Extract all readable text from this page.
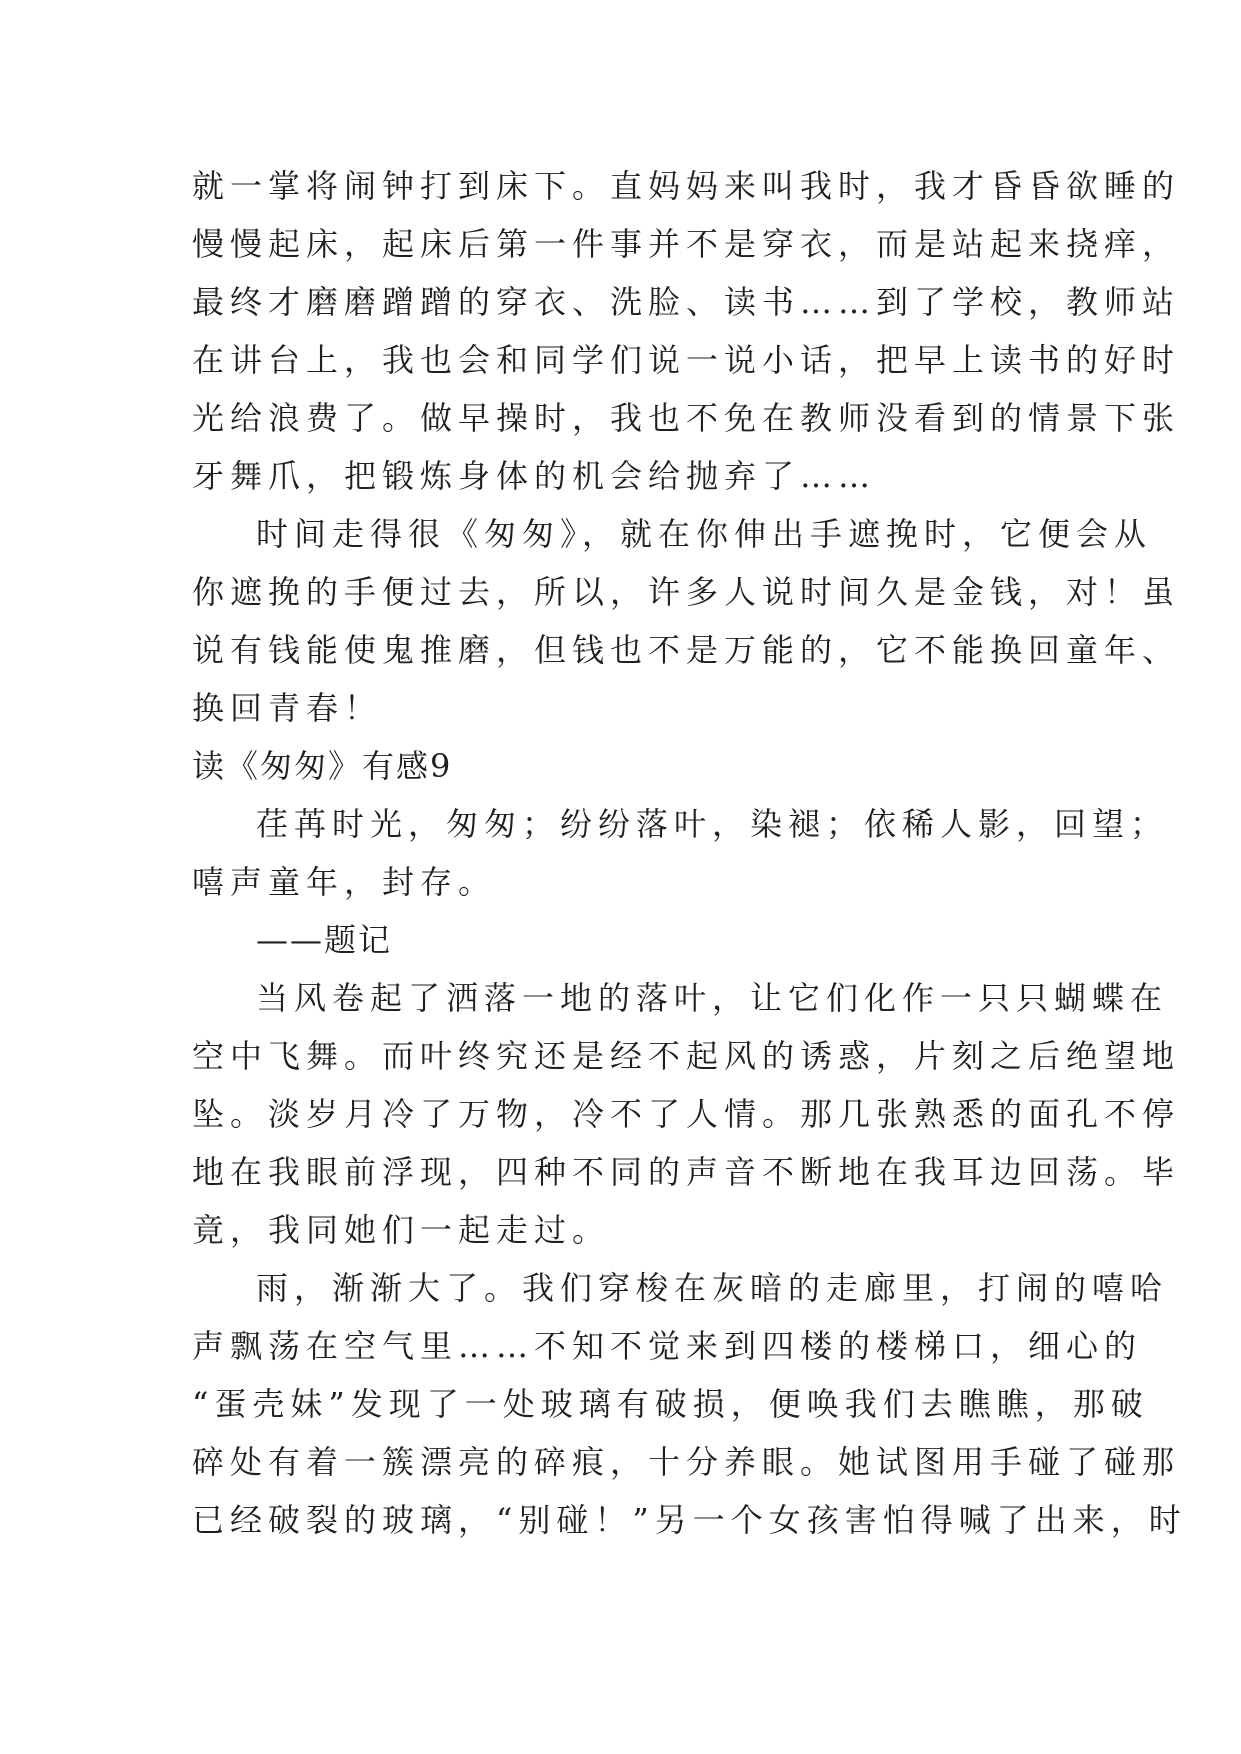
就一掌将闹钟打到床下。直妈妈来叫我时，我才昏昏欲睡的
慢慢起床，起床后第一件事并不是穿衣，而是站起来挠痒，
最终才磨磨蹭蹭的穿衣、洗脸、读书……到了学校，教师站
在讲台上，我也会和同学们说一说小话，把早上读书的好时
光给浪费了。做早操时，我也不免在教师没看到的情景下张
牙舞爪，把锻炼身体的机会给抛弃了……
时间走得很《匆匆》，就在你伸出手遮挽时，它便会从
你遮挽的手便过去，所以，许多人说时间久是金钱，对！虽
说有钱能使鬼推磨，但钱也不是万能的，它不能换回童年、
换回青春！
读《匆匆》有感9
荏苒时光，匆匆；纷纷落叶，染褪；依稀人影，回望；
嘻声童年，封存。
——题记
当风卷起了洒落一地的落叶，让它们化作一只只蝴蝶在
空中飞舞。而叶终究还是经不起风的诱惑，片刻之后绝望地
坠。淡岁月冷了万物，冷不了人情。那几张熟悉的面孔不停
地在我眼前浮现，四种不同的声音不断地在我耳边回荡。毕
竟，我同她们一起走过。
雨，渐渐大了。我们穿梭在灰暗的走廊里，打闹的嘻哈
声飘荡在空气里……不知不觉来到四楼的楼梯口，细心的
“蛋壳妹”发现了一处玻璃有破损，便唤我们去瞧瞧，那破
碎处有着一簇漂亮的碎痕，十分养眼。她试图用手碰了碰那
已经破裂的玻璃，“别碰！”另一个女孩害怕得喊了出来，时
